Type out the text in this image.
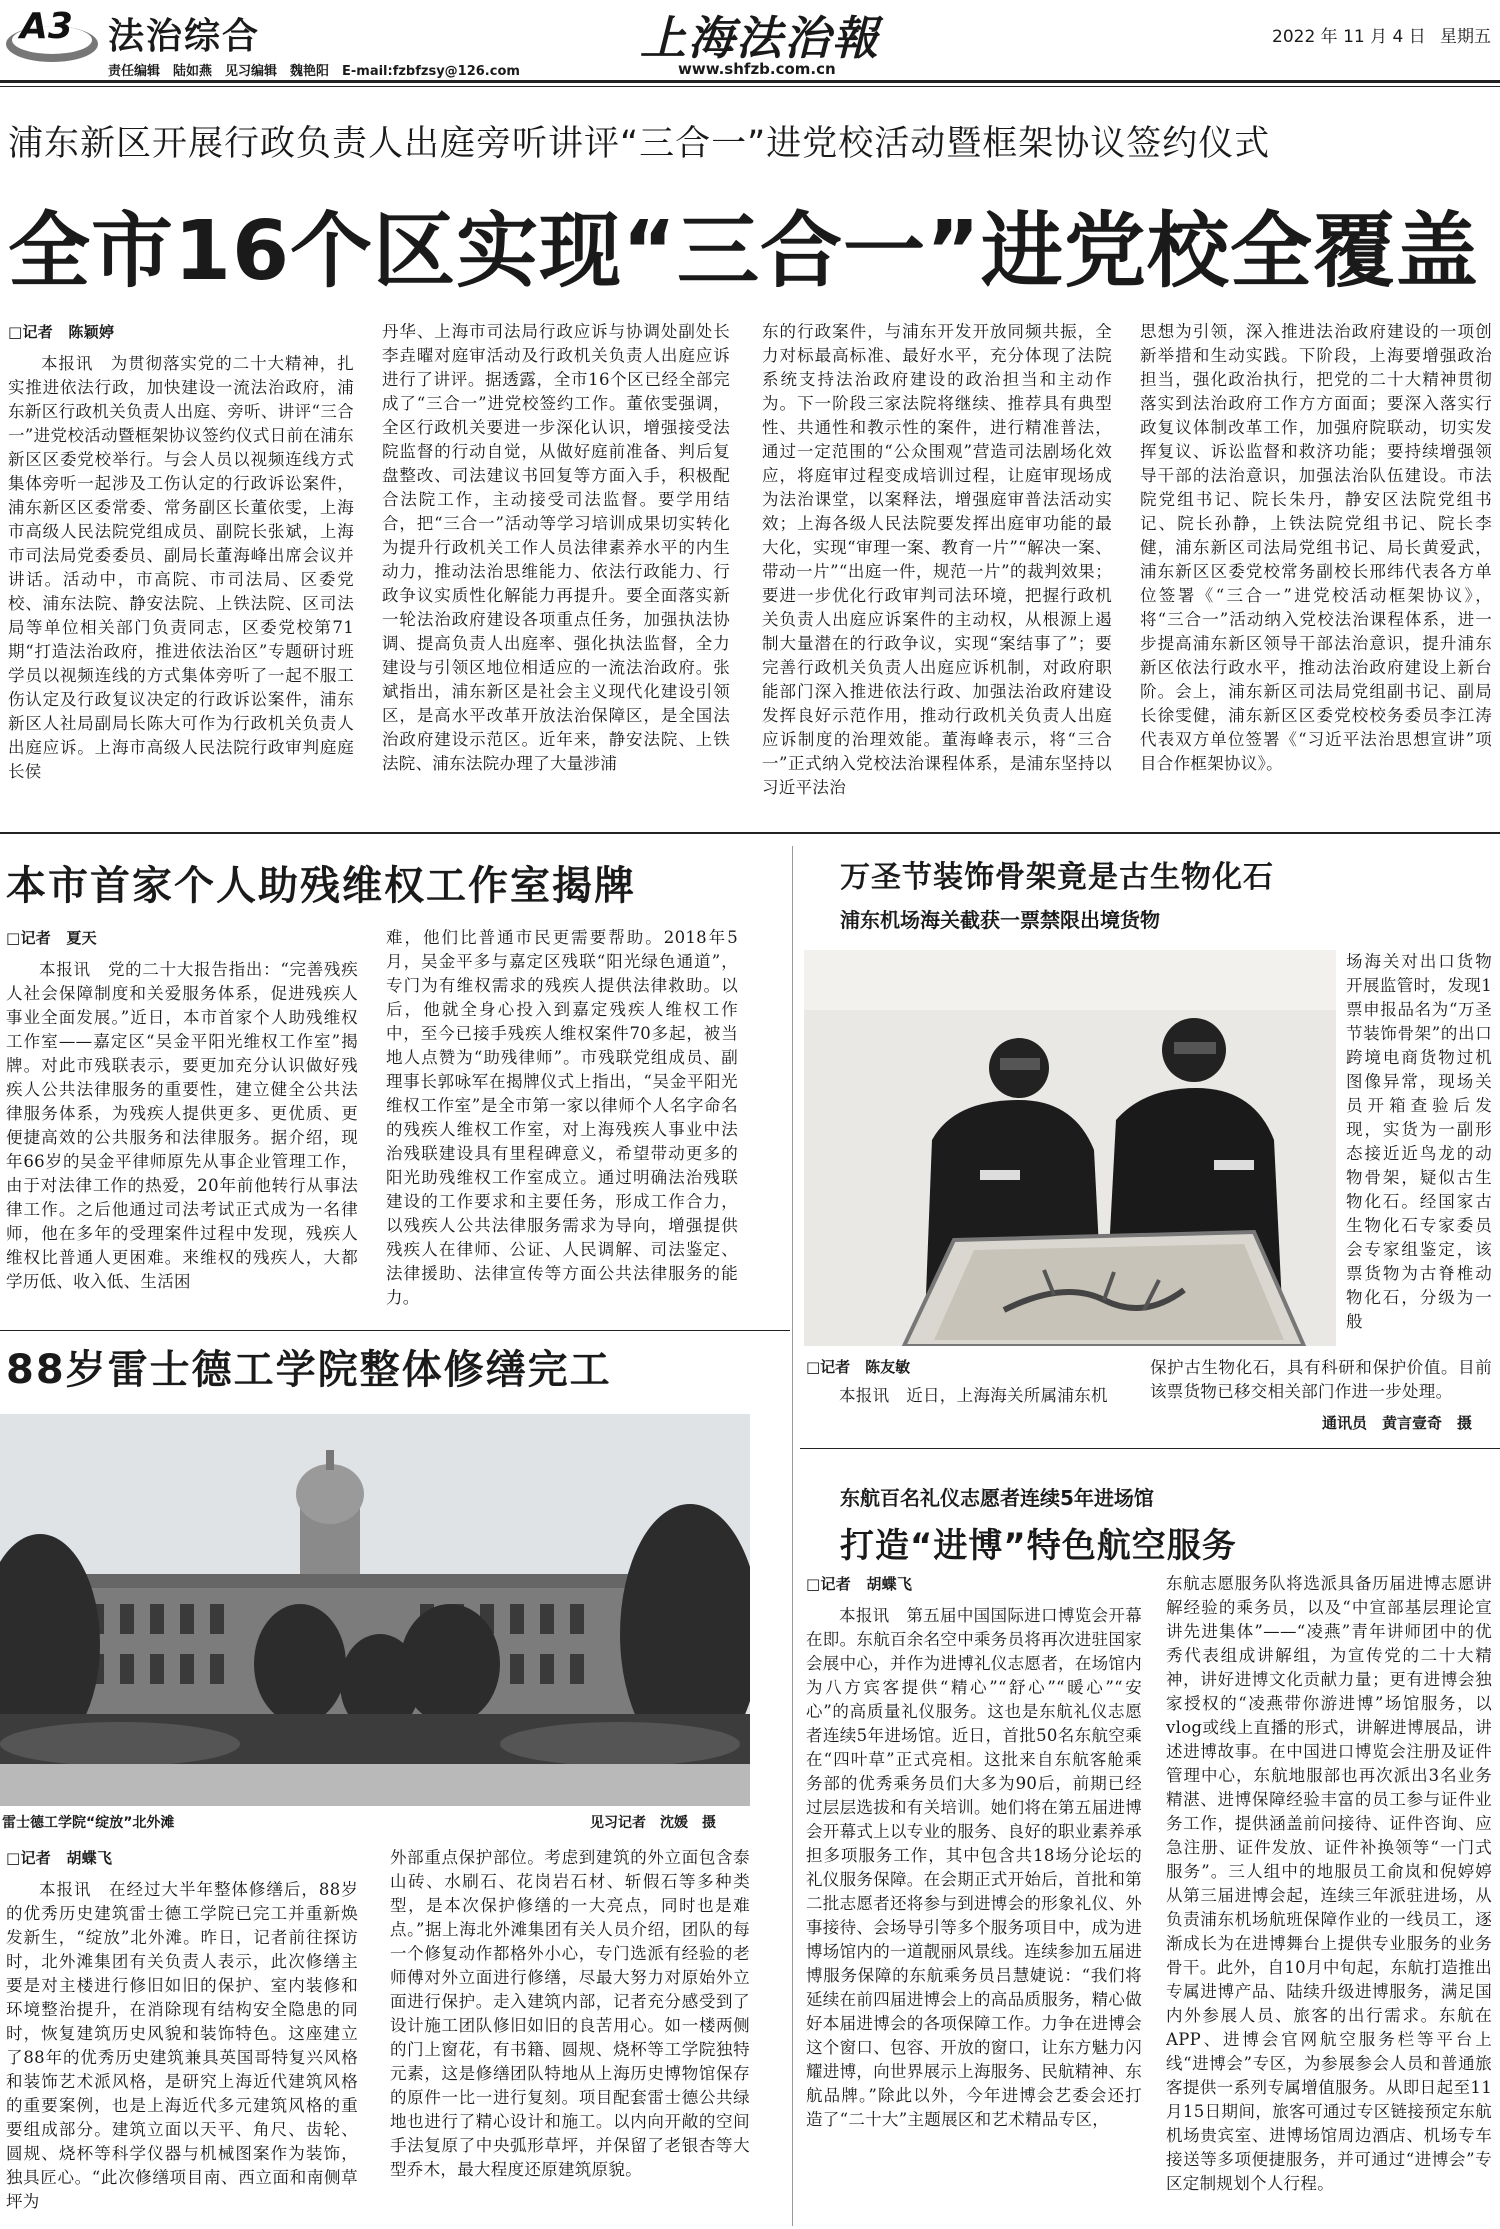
A3 法治综合
责任编辑　陆如燕　见习编辑　魏艳阳　E-mail:fzbfzsy@126.com
上海法治報
www.shfzb.com.cn
2022 年 11 月 4 日 星期五
浦东新区开展行政负责人出庭旁听讲评“三合一”进党校活动暨框架协议签约仪式
全市16个区实现“三合一”进党校全覆盖
□记者　陈颖婷

本报讯　为贯彻落实党的二十大精神，扎实推进依法行政，加快建设一流法治政府，浦东新区行政机关负责人出庭、旁听、讲评“三合一”进党校活动暨框架协议签约仪式日前在浦东新区区委党校举行。与会人员以视频连线方式集体旁听一起涉及工伤认定的行政诉讼案件，浦东新区区委常委、常务副区长董依雯，上海市高级人民法院党组成员、副院长张斌，上海市司法局党委委员、副局长董海峰出席会议并讲话。活动中，市高院、市司法局、区委党校、浦东法院、静安法院、上铁法院、区司法局等单位相关部门负责同志，区委党校第71期“打造法治政府，推进依法治区”专题研讨班学员以视频连线的方式集体旁听了一起不服工伤认定及行政复议决定的行政诉讼案件，浦东新区人社局副局长陈大可作为行政机关负责人出庭应诉。上海市高级人民法院行政审判庭庭长侯

丹华、上海市司法局行政应诉与协调处副处长李垚曜对庭审活动及行政机关负责人出庭应诉进行了讲评。据透露，全市16个区已经全部完成了“三合一”进党校签约工作。董依雯强调，全区行政机关要进一步深化认识，增强接受法院监督的行动自觉，从做好庭前准备、判后复盘整改、司法建议书回复等方面入手，积极配合法院工作，主动接受司法监督。要学用结合，把“三合一”活动等学习培训成果切实转化为提升行政机关工作人员法律素养水平的内生动力，推动法治思维能力、依法行政能力、行政争议实质性化解能力再提升。要全面落实新一轮法治政府建设各项重点任务，加强执法协调、提高负责人出庭率、强化执法监督，全力建设与引领区地位相适应的一流法治政府。张斌指出，浦东新区是社会主义现代化建设引领区，是高水平改革开放法治保障区，是全国法治政府建设示范区。近年来，静安法院、上铁法院、浦东法院办理了大量涉浦

东的行政案件，与浦东开发开放同频共振，全力对标最高标准、最好水平，充分体现了法院系统支持法治政府建设的政治担当和主动作为。下一阶段三家法院将继续、推荐具有典型性、共通性和教示性的案件，进行精准普法，通过一定范围的“公众围观”营造司法剧场化效应，将庭审过程变成培训过程，让庭审现场成为法治课堂，以案释法，增强庭审普法活动实效；上海各级人民法院要发挥出庭审功能的最大化，实现“审理一案、教育一片”“解决一案、带动一片”“出庭一件，规范一片”的裁判效果；要进一步优化行政审判司法环境，把握行政机关负责人出庭应诉案件的主动权，从根源上遏制大量潜在的行政争议，实现“案结事了”；要完善行政机关负责人出庭应诉机制，对政府职能部门深入推进依法行政、加强法治政府建设发挥良好示范作用，推动行政机关负责人出庭应诉制度的治理效能。董海峰表示，将“三合一”正式纳入党校法治课程体系，是浦东坚持以习近平法治

思想为引领，深入推进法治政府建设的一项创新举措和生动实践。下阶段，上海要增强政治担当，强化政治执行，把党的二十大精神贯彻落实到法治政府工作方方面面；要深入落实行政复议体制改革工作，加强府院联动，切实发挥复议、诉讼监督和救济功能；要持续增强领导干部的法治意识，加强法治队伍建设。市法院党组书记、院长朱丹，静安区法院党组书记、院长孙静，上铁法院党组书记、院长李健，浦东新区司法局党组书记、局长黄爱武，浦东新区区委党校常务副校长邢纬代表各方单位签署《“三合一”进党校活动框架协议》，将“三合一”活动纳入党校法治课程体系，进一步提高浦东新区领导干部法治意识，提升浦东新区依法行政水平，推动法治政府建设上新台阶。会上，浦东新区司法局党组副书记、副局长徐雯健，浦东新区区委党校校务委员李江涛代表双方单位签署《“习近平法治思想宣讲”项目合作框架协议》。

本市首家个人助残维权工作室揭牌
□记者　夏天

本报讯　党的二十大报告指出：“完善残疾人社会保障制度和关爱服务体系，促进残疾人事业全面发展。”近日，本市首家个人助残维权工作室——嘉定区“吴金平阳光维权工作室”揭牌。对此市残联表示，要更加充分认识做好残疾人公共法律服务的重要性，建立健全公共法律服务体系，为残疾人提供更多、更优质、更便捷高效的公共服务和法律服务。据介绍，现年66岁的吴金平律师原先从事企业管理工作，由于对法律工作的热爱，20年前他转行从事法律工作。之后他通过司法考试正式成为一名律师，他在多年的受理案件过程中发现，残疾人维权比普通人更困难。来维权的残疾人，大都学历低、收入低、生活困

难，他们比普通市民更需要帮助。2018年5月，吴金平多与嘉定区残联“阳光绿色通道”，专门为有维权需求的残疾人提供法律救助。以后，他就全身心投入到嘉定残疾人维权工作中，至今已接手残疾人维权案件70多起，被当地人点赞为“助残律师”。市残联党组成员、副理事长郭咏军在揭牌仪式上指出，“吴金平阳光维权工作室”是全市第一家以律师个人名字命名的残疾人维权工作室，对上海残疾人事业中法治残联建设具有里程碑意义，希望带动更多的阳光助残维权工作室成立。通过明确法治残联建设的工作要求和主要任务，形成工作合力，以残疾人公共法律服务需求为导向，增强提供残疾人在律师、公证、人民调解、司法鉴定、法律援助、法律宣传等方面公共法律服务的能力。

万圣节装饰骨架竟是古生物化石
浦东机场海关截获一票禁限出境货物

场海关对出口货物开展监管时，发现1票申报品名为“万圣节装饰骨架”的出口跨境电商货物过机图像异常，现场关员开箱查验后发现，实货为一副形态接近近鸟龙的动物骨架，疑似古生物化石。经国家古生物化石专家委员会专家组鉴定，该票货物为古脊椎动物化石，分级为一般

□记者　陈友敏
本报讯　近日，上海海关所属浦东机

保护古生物化石，具有科研和保护价值。目前该票货物已移交相关部门作进一步处理。

通讯员　黄言壹奇　摄
东航百名礼仪志愿者连续5年进场馆
打造“进博”特色航空服务
□记者　胡蝶飞

本报讯　第五届中国国际进口博览会开幕在即。东航百余名空中乘务员将再次进驻国家会展中心，并作为进博礼仪志愿者，在场馆内为八方宾客提供“精心”“舒心”“暖心”“安心”的高质量礼仪服务。这也是东航礼仪志愿者连续5年进场馆。近日，首批50名东航空乘在“四叶草”正式亮相。这批来自东航客舱乘务部的优秀乘务员们大多为90后，前期已经过层层选拔和有关培训。她们将在第五届进博会开幕式上以专业的服务、良好的职业素养承担多项服务工作，其中包含共18场分论坛的礼仪服务保障。在会期正式开始后，首批和第二批志愿者还将参与到进博会的形象礼仪、外事接待、会场导引等多个服务项目中，成为进博场馆内的一道靓丽风景线。连续参加五届进博服务保障的东航乘务员吕慧婕说：“我们将延续在前四届进博会上的高品质服务，精心做好本届进博会的各项保障工作。力争在进博会这个窗口、包容、开放的窗口，让东方魅力闪耀进博，向世界展示上海服务、民航精神、东航品牌。”除此以外，今年进博会艺委会还打造了“二十大”主题展区和艺术精品专区，

东航志愿服务队将选派具备历届进博志愿讲解经验的乘务员，以及“中宣部基层理论宣讲先进集体”——“凌燕”青年讲师团中的优秀代表组成讲解组，为宣传党的二十大精神，讲好进博文化贡献力量；更有进博会独家授权的“凌燕带你游进博”场馆服务，以vlog或线上直播的形式，讲解进博展品，讲述进博故事。在中国进口博览会注册及证件管理中心，东航地服部也再次派出3名业务精湛、进博保障经验丰富的员工参与证件业务工作，提供涵盖前问接待、证件咨询、应急注册、证件发放、证件补换领等“一门式服务”。三人组中的地服员工俞岚和倪婷婷从第三届进博会起，连续三年派驻进场，从负责浦东机场航班保障作业的一线员工，逐渐成长为在进博舞台上提供专业服务的业务骨干。此外，自10月中旬起，东航打造推出专属进博产品、陆续升级进博服务，满足国内外参展人员、旅客的出行需求。东航在APP、进博会官网航空服务栏等平台上线“进博会”专区，为参展参会人员和普通旅客提供一系列专属增值服务。从即日起至11月15日期间，旅客可通过专区链接预定东航机场贵宾室、进博场馆周边酒店、机场专车接送等多项便捷服务，并可通过“进博会”专区定制规划个人行程。

88岁雷士德工学院整体修缮完工
雷士德工学院“绽放”北外滩	见习记者　沈媛　摄
□记者　胡蝶飞

本报讯　在经过大半年整体修缮后，88岁的优秀历史建筑雷士德工学院已完工并重新焕发新生，“绽放”北外滩。昨日，记者前往探访时，北外滩集团有关负责人表示，此次修缮主要是对主楼进行修旧如旧的保护、室内装修和环境整治提升，在消除现有结构安全隐患的同时，恢复建筑历史风貌和装饰特色。这座建立了88年的优秀历史建筑兼具英国哥特复兴风格和装饰艺术派风格，是研究上海近代建筑风格的重要案例，也是上海近代多元建筑风格的重要组成部分。建筑立面以天平、角尺、齿轮、圆规、烧杯等科学仪器与机械图案作为装饰，独具匠心。“此次修缮项目南、西立面和南侧草坪为

外部重点保护部位。考虑到建筑的外立面包含泰山砖、水刷石、花岗岩石材、斩假石等多种类型，是本次保护修缮的一大亮点，同时也是难点。”据上海北外滩集团有关人员介绍，团队的每一个修复动作都格外小心，专门选派有经验的老师傅对外立面进行修缮，尽最大努力对原始外立面进行保护。走入建筑内部，记者充分感受到了设计施工团队修旧如旧的良苦用心。如一楼两侧的门上窗花，有书籍、圆规、烧杯等工学院独特元素，这是修缮团队特地从上海历史博物馆保存的原件一比一进行复刻。项目配套雷士德公共绿地也进行了精心设计和施工。以内向开敞的空间手法复原了中央弧形草坪，并保留了老银杏等大型乔木，最大程度还原建筑原貌。
